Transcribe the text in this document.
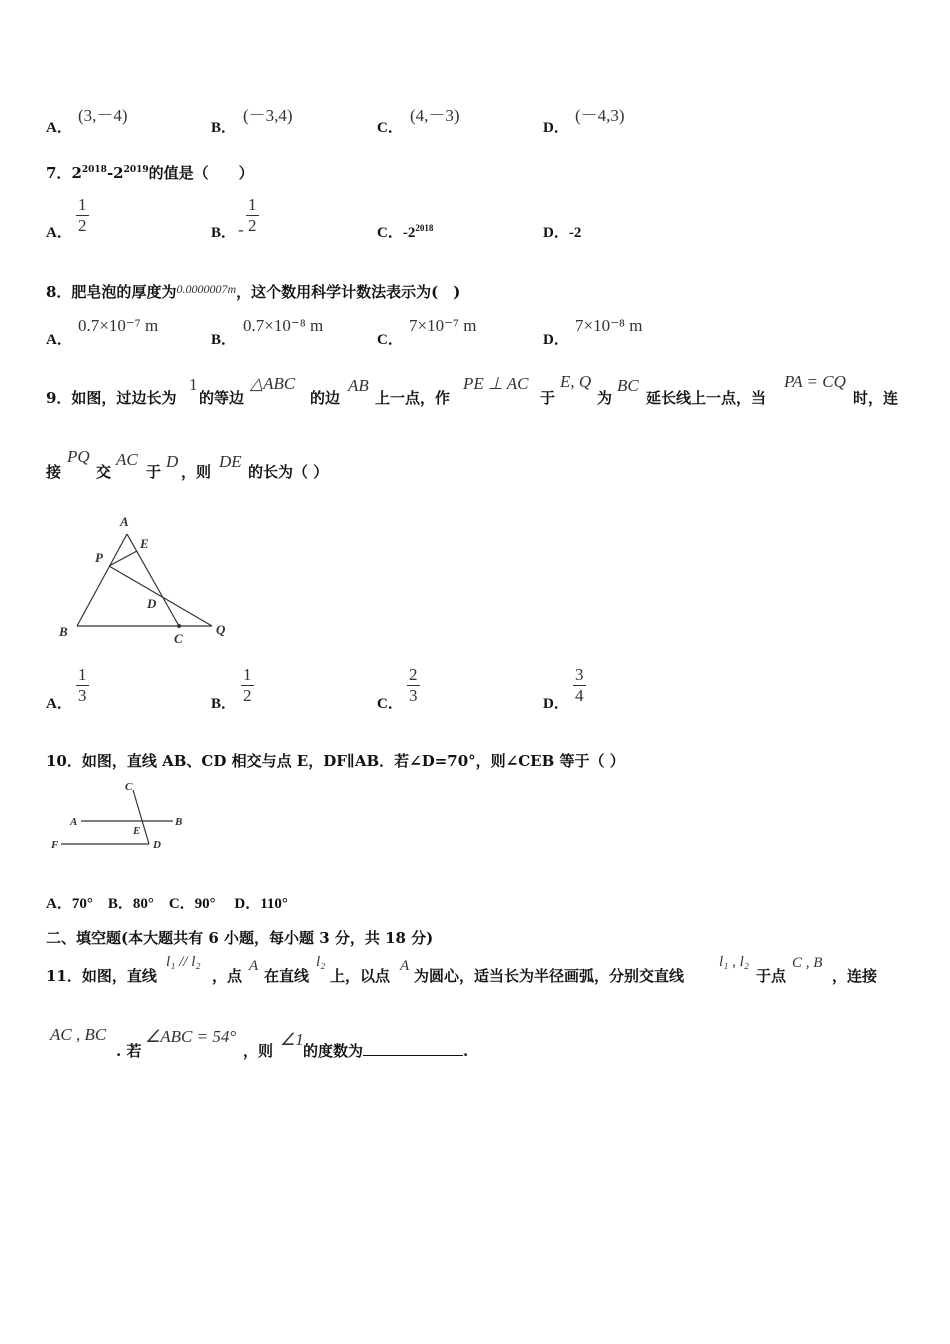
A．
(3,－4)
B．
(－3,4)
C．
(4,－3)
D．
(－4,3)
7．$2^{2018}-2^{2019}$的值是（　　）
A．
1
2	B． -
1
2	C．$-2^{2018}$	D．-2
8．肥皂泡的厚度为$^{0.0000007m}$，这个数用科学计数法表示为(　)
A．
0.7×10⁻⁷ m
B．
0.7×10⁻⁸ m
C．
7×10⁻⁷ m
D．
7×10⁻⁸ m
9．如图，过边长为
1
的等边
△ABC
的边
AB
上一点，作
PE ⊥ AC
于
E, Q
为
BC
延长线上一点，当
PA = CQ
时，连
接
PQ
交
AC
于
D
，则
DE
的长为（ ）
A
E
P
D
B	C
Q
A．
1
3	B．
1
2	C．
2
3	D．
3
4
10．如图，直线 AB、CD 相交与点 E，DF∥AB．若∠D=70°，则∠CEB 等于（ ）
C
A
E
B
F	D
A．70°　B．80°　C．90°　 D．110°
二、填空题(本大题共有 6 小题，每小题 3 分，共 18 分)
11．如图，直线
l₁ // l₂
，点
A
在直线
l₂
上，以点
A
为圆心，适当长为半径画弧，分别交直线
l₁ , l₂
于点
C , B
，连接
AC , BC
. 若
∠ABC = 54°
，则
∠1
的度数为	.
